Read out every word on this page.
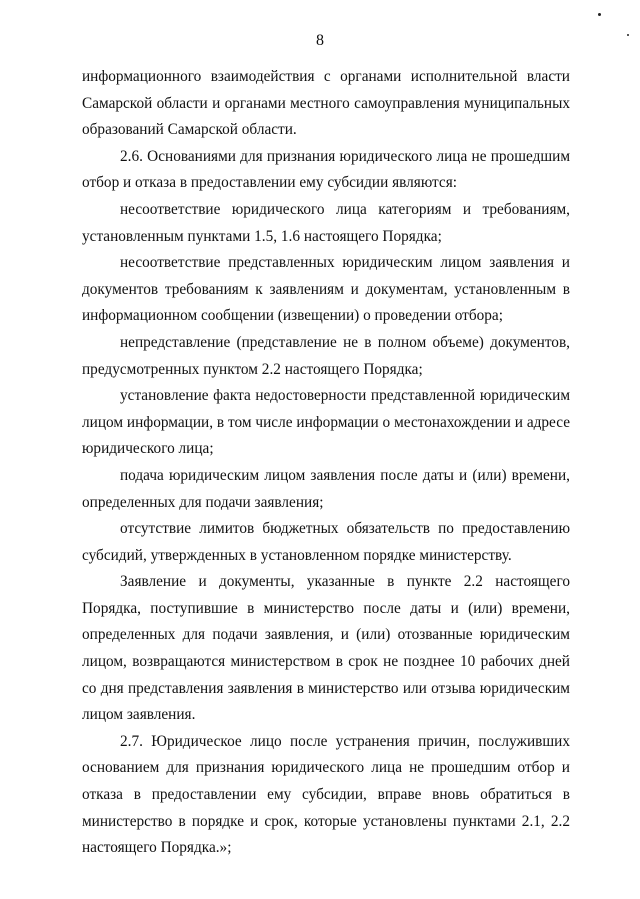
8

информационного взаимодействия с органами исполнительной власти Самарской области и органами местного самоуправления муниципальных образований Самарской области.

2.6. Основаниями для признания юридического лица не прошедшим отбор и отказа в предоставлении ему субсидии являются:

несоответствие юридического лица категориям и требованиям, установленным пунктами 1.5, 1.6 настоящего Порядка;

несоответствие представленных юридическим лицом заявления и документов требованиям к заявлениям и документам, установленным в информационном сообщении (извещении) о проведении отбора;

непредставление (представление не в полном объеме) документов, предусмотренных пунктом 2.2 настоящего Порядка;

установление факта недостоверности представленной юридическим лицом информации, в том числе информации о местонахождении и адресе юридического лица;

подача юридическим лицом заявления после даты и (или) времени, определенных для подачи заявления;

отсутствие лимитов бюджетных обязательств по предоставлению субсидий, утвержденных в установленном порядке министерству.

Заявление и документы, указанные в пункте 2.2 настоящего Порядка, поступившие в министерство после даты и (или) времени, определенных для подачи заявления, и (или) отозванные юридическим лицом, возвращаются министерством в срок не позднее 10 рабочих дней со дня представления заявления в министерство или отзыва юридическим лицом заявления.

2.7. Юридическое лицо после устранения причин, послуживших основанием для признания юридического лица не прошедшим отбор и отказа в предоставлении ему субсидии, вправе вновь обратиться в министерство в порядке и срок, которые установлены пунктами 2.1, 2.2 настоящего Порядка.»;
